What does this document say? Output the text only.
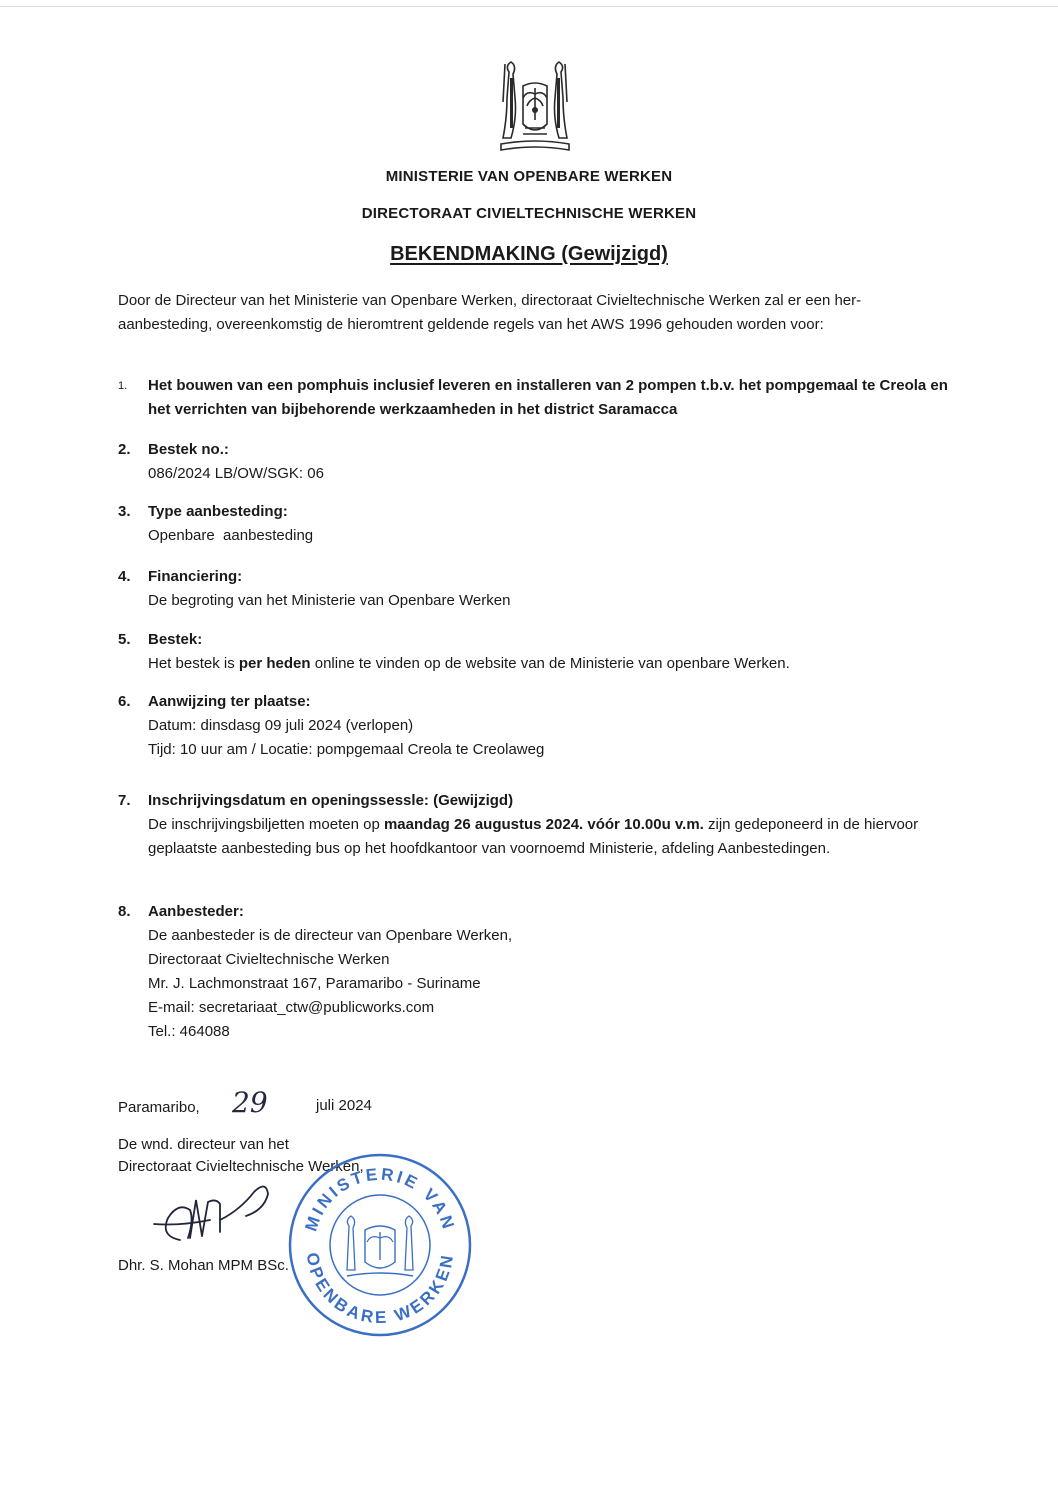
MINISTERIE VAN OPENBARE WERKEN
DIRECTORAAT CIVIELTECHNISCHE WERKEN
BEKENDMAKING (Gewijzigd)
Door de Directeur van het Ministerie van Openbare Werken, directoraat Civieltechnische Werken zal er een her- aanbesteding, overeenkomstig de hieromtrent geldende regels van het AWS 1996 gehouden worden voor:
1.	Het bouwen van een pomphuis inclusief leveren en installeren van 2 pompen t.b.v. het pompgemaal te Creola en het verrichten van bijbehorende werkzaamheden in het district Saramacca
2.	Bestek no.:
086/2024 LB/OW/SGK: 06
3.	Type aanbesteding:
Openbare  aanbesteding
4.	Financiering:
De begroting van het Ministerie van Openbare Werken
5.	Bestek:
Het bestek is per heden online te vinden op de website van de Ministerie van openbare Werken.
6.	Aanwijzing ter plaatse:
Datum: dinsdasg 09 juli 2024 (verlopen)
Tijd: 10 uur am / Locatie: pompgemaal Creola te Creolaweg
7.	Inschrijvingsdatum en openingssessle: (Gewijzigd)
De inschrijvingsbiljetten moeten op maandag 26 augustus 2024. vóór 10.00u v.m. zijn gedeponeerd in de hiervoor geplaatste aanbesteding bus op het hoofdkantoor van voornoemd Ministerie, afdeling Aanbestedingen.
8.	Aanbesteder:
De aanbesteder is de directeur van Openbare Werken,
Directoraat Civieltechnische Werken
Mr. J. Lachmonstraat 167, Paramaribo - Suriname
E-mail: secretariaat_ctw@publicworks.com
Tel.: 464088
Paramaribo, 29	juli 2024
De wnd. directeur van het
Directoraat Civieltechnische Werken,
Dhr. S. Mohan MPM BSc.
MINISTERIE VAN
OPENBARE WERKEN
